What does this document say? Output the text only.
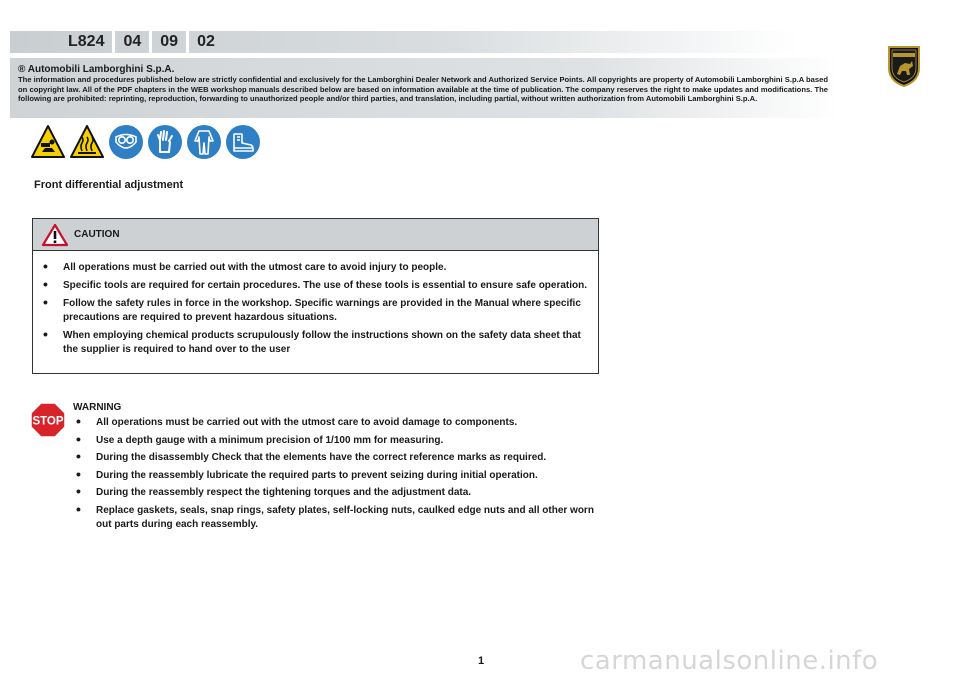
L824	04	09	02
® Automobili Lamborghini S.p.A.
The information and procedures published below are strictly confidential and exclusively for the Lamborghini Dealer Network and Authorized Service Points. All copyrights are property of Automobili Lamborghini S.p.A based on copyright law. All of the PDF chapters in the WEB workshop manuals described below are based on information available at the time of publication. The company reserves the right to make updates and modifications. The following are prohibited: reprinting, reproduction, forwarding to unauthorized people and/or third parties, and translation, including partial, without written authorization from Automobili Lamborghini S.p.A.
Front differential adjustment
CAUTION
• All operations must be carried out with the utmost care to avoid injury to people.
• Specific tools are required for certain procedures. The use of these tools is essential to ensure safe operation.
• Follow the safety rules in force in the workshop. Specific warnings are provided in the Manual where specific precautions are required to prevent hazardous situations.
• When employing chemical products scrupulously follow the instructions shown on the safety data sheet that the supplier is required to hand over to the user
STOP
WARNING
• All operations must be carried out with the utmost care to avoid damage to components.
• Use a depth gauge with a minimum precision of 1/100 mm for measuring.
• During the disassembly Check that the elements have the correct reference marks as required.
• During the reassembly lubricate the required parts to prevent seizing during initial operation.
• During the reassembly respect the tightening torques and the adjustment data.
• Replace gaskets, seals, snap rings, safety plates, self-locking nuts, caulked edge nuts and all other worn out parts during each reassembly.
1	carmanualsonline.info
